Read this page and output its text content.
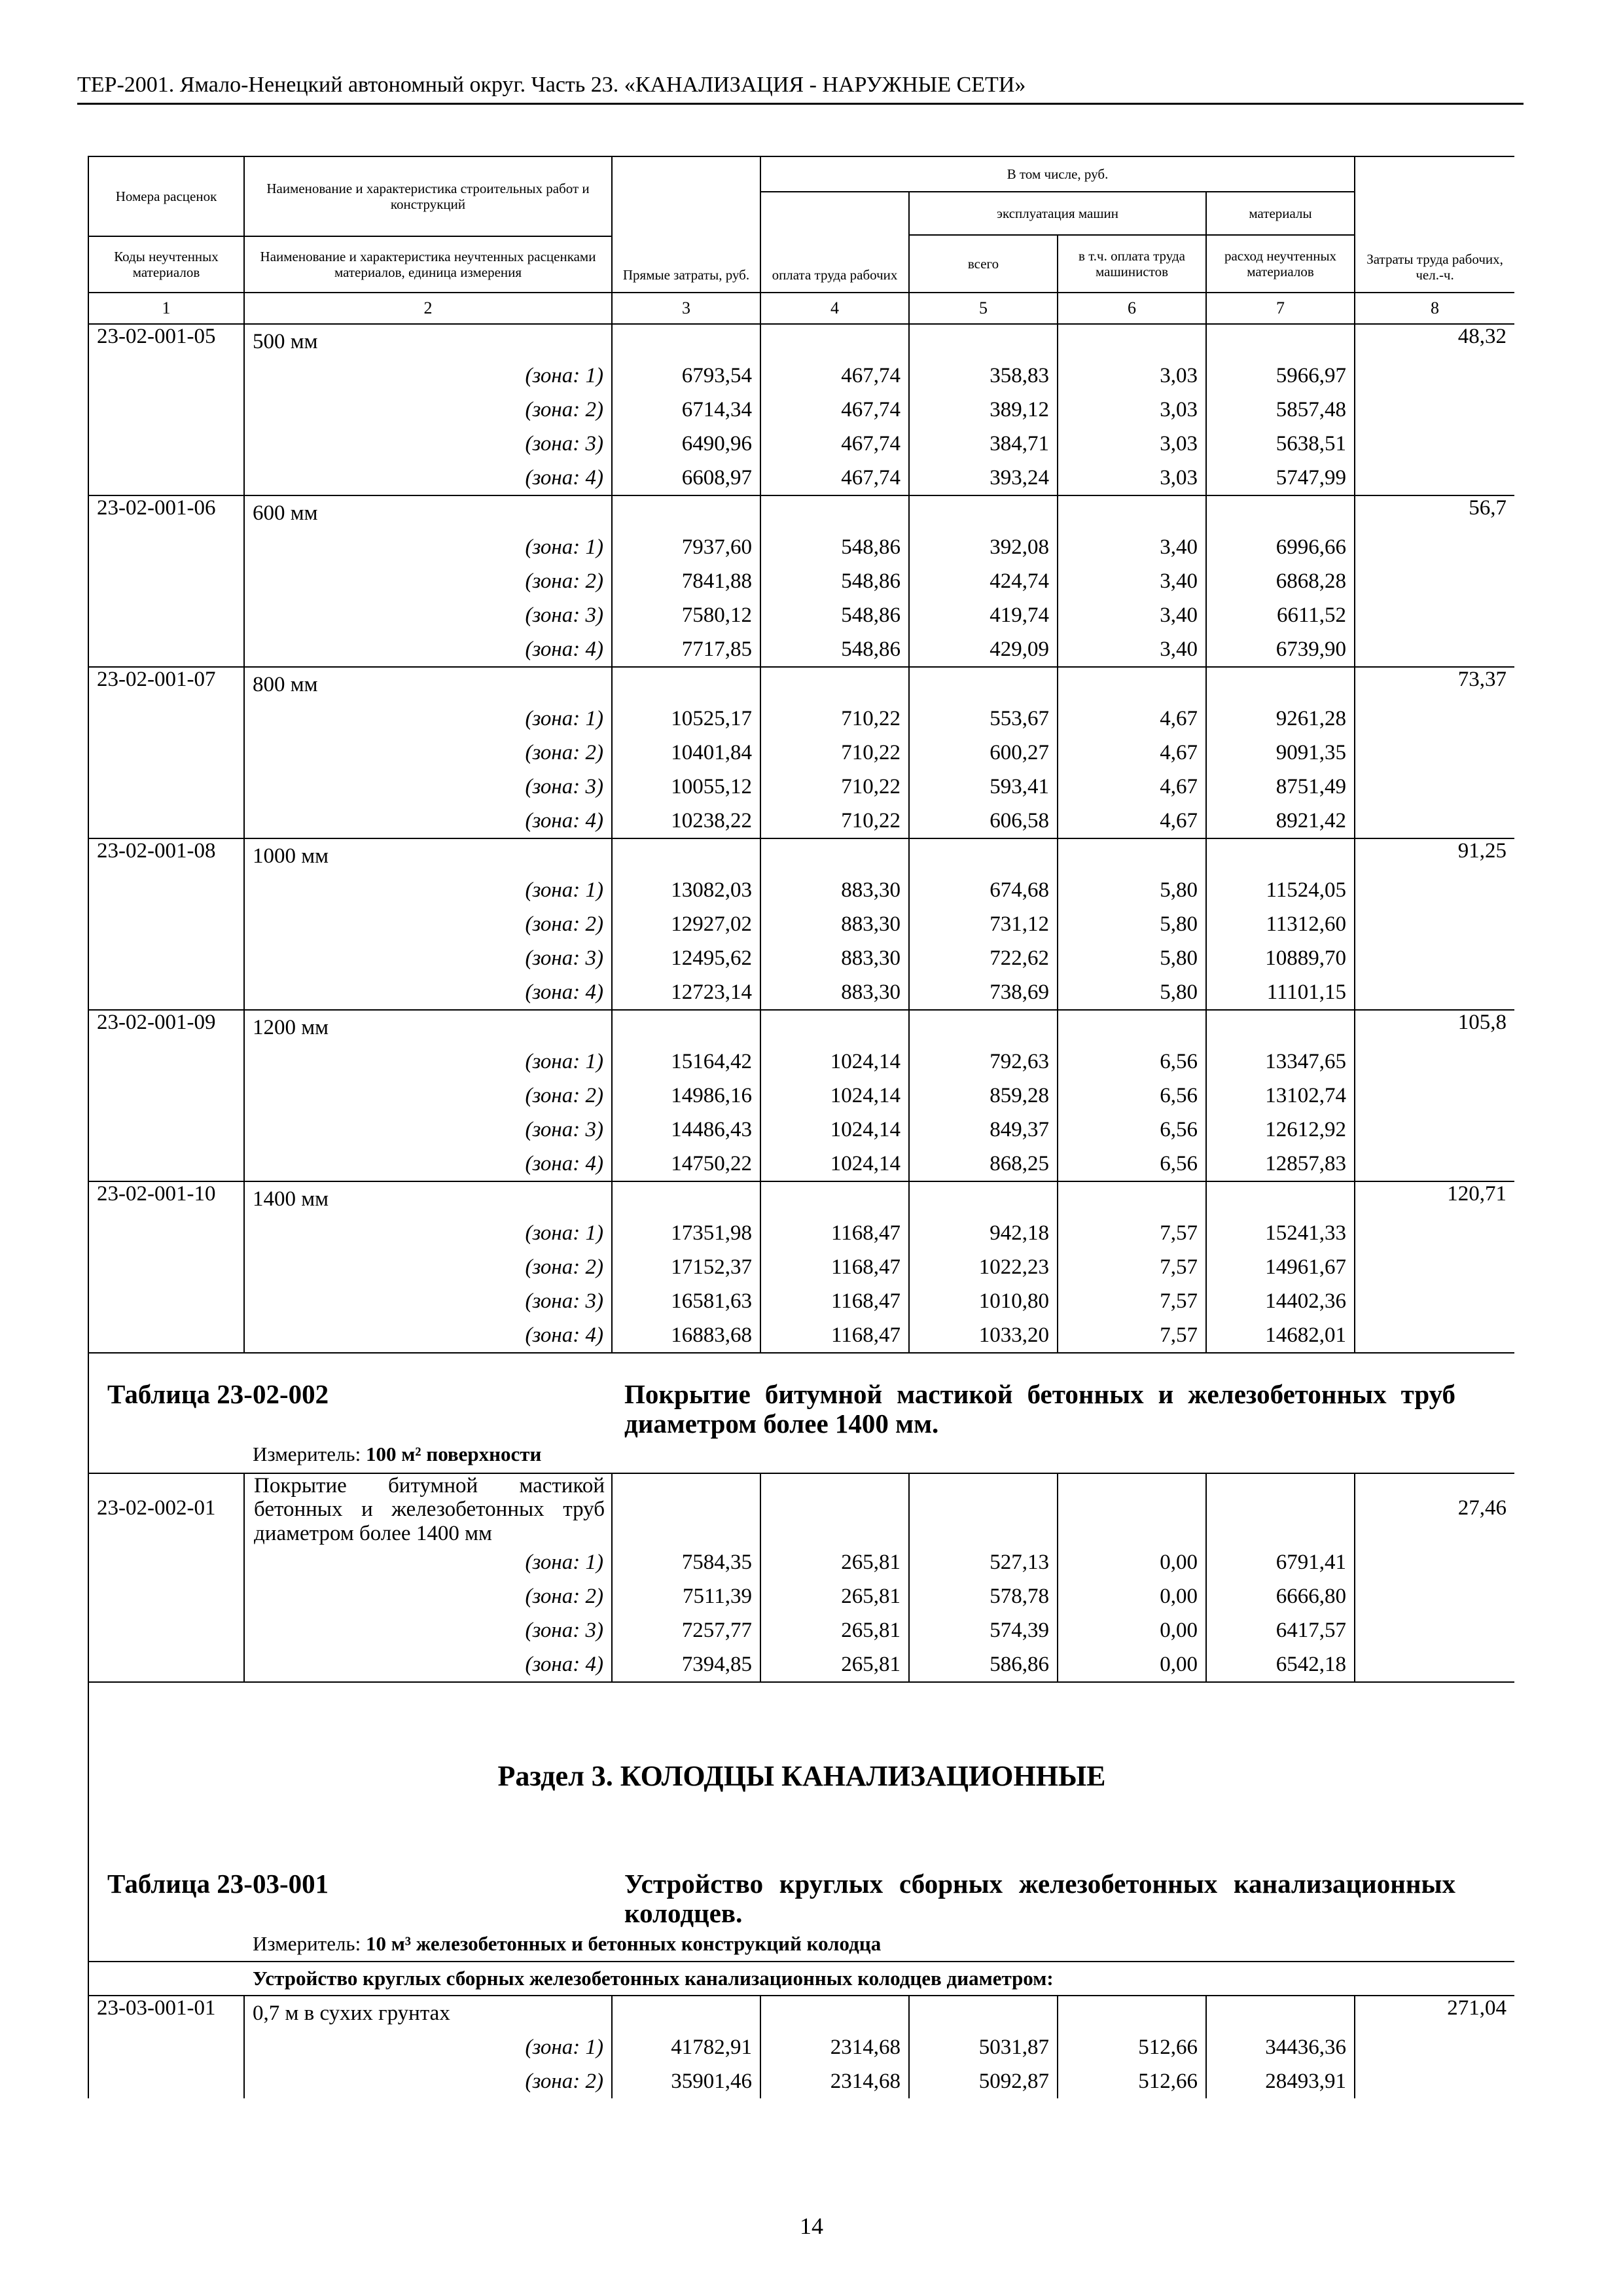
ТЕР-2001. Ямало-Ненецкий автономный округ. Часть 23. «КАНАЛИЗАЦИЯ - НАРУЖНЫЕ СЕТИ»
Номера расценок	Наименование и характеристика строительных работ и конструкций	Прямые затраты, руб.	В том числе, руб.				Затраты труда рабочих, чел.-ч.
			оплата труда рабочих	эксплуатация машин		материалы	
				всего	в т.ч. оплата труда машинистов	расход неучтенных материалов	
Коды неучтенных материалов	Наименование и характеристика неучтенных расценками материалов, единица измерения						

1	2	3	4	5	6	7	8
23-02-001-05	500 мм						48,32
	(зона: 1)	6793,54	467,74	358,83	3,03	5966,97	
	(зона: 2)	6714,34	467,74	389,12	3,03	5857,48	
	(зона: 3)	6490,96	467,74	384,71	3,03	5638,51	
	(зона: 4)	6608,97	467,74	393,24	3,03	5747,99	
23-02-001-06	600 мм						56,7
	(зона: 1)	7937,60	548,86	392,08	3,40	6996,66	
	(зона: 2)	7841,88	548,86	424,74	3,40	6868,28	
	(зона: 3)	7580,12	548,86	419,74	3,40	6611,52	
	(зона: 4)	7717,85	548,86	429,09	3,40	6739,90	
23-02-001-07	800 мм						73,37
	(зона: 1)	10525,17	710,22	553,67	4,67	9261,28	
	(зона: 2)	10401,84	710,22	600,27	4,67	9091,35	
	(зона: 3)	10055,12	710,22	593,41	4,67	8751,49	
	(зона: 4)	10238,22	710,22	606,58	4,67	8921,42	
23-02-001-08	1000 мм						91,25
	(зона: 1)	13082,03	883,30	674,68	5,80	11524,05	
	(зона: 2)	12927,02	883,30	731,12	5,80	11312,60	
	(зона: 3)	12495,62	883,30	722,62	5,80	10889,70	
	(зона: 4)	12723,14	883,30	738,69	5,80	11101,15	
23-02-001-09	1200 мм						105,8
	(зона: 1)	15164,42	1024,14	792,63	6,56	13347,65	
	(зона: 2)	14986,16	1024,14	859,28	6,56	13102,74	
	(зона: 3)	14486,43	1024,14	849,37	6,56	12612,92	
	(зона: 4)	14750,22	1024,14	868,25	6,56	12857,83	
23-02-001-10	1400 мм						120,71
	(зона: 1)	17351,98	1168,47	942,18	7,57	15241,33	
	(зона: 2)	17152,37	1168,47	1022,23	7,57	14961,67	
	(зона: 3)	16581,63	1168,47	1010,80	7,57	14402,36	
	(зона: 4)	16883,68	1168,47	1033,20	7,57	14682,01	

Таблица 23-02-002 Покрытие битумной мастикой бетонных и железобетонных труб диаметром более 1400 мм.
Измеритель: 100 м² поверхности							

23-02-002-01	Покрытие битумной мастикой бетонных и железобетонных труб диаметром более 1400 мм						27,46
	(зона: 1)	7584,35	265,81	527,13	0,00	6791,41	
	(зона: 2)	7511,39	265,81	578,78	0,00	6666,80	
	(зона: 3)	7257,77	265,81	574,39	0,00	6417,57	
	(зона: 4)	7394,85	265,81	586,86	0,00	6542,18	

Раздел 3. КОЛОДЦЫ КАНАЛИЗАЦИОННЫЕ							

Таблица 23-03-001 Устройство круглых сборных железобетонных канализационных колодцев.
Измеритель: 10 м³ железобетонных и бетонных конструкций колодца							

Устройство круглых сборных железобетонных канализационных колодцев диаметром:							
23-03-001-01	0,7 м в сухих грунтах						271,04
	(зона: 1)	41782,91	2314,68	5031,87	512,66	34436,36	
	(зона: 2)	35901,46	2314,68	5092,87	512,66	28493,91	
14
